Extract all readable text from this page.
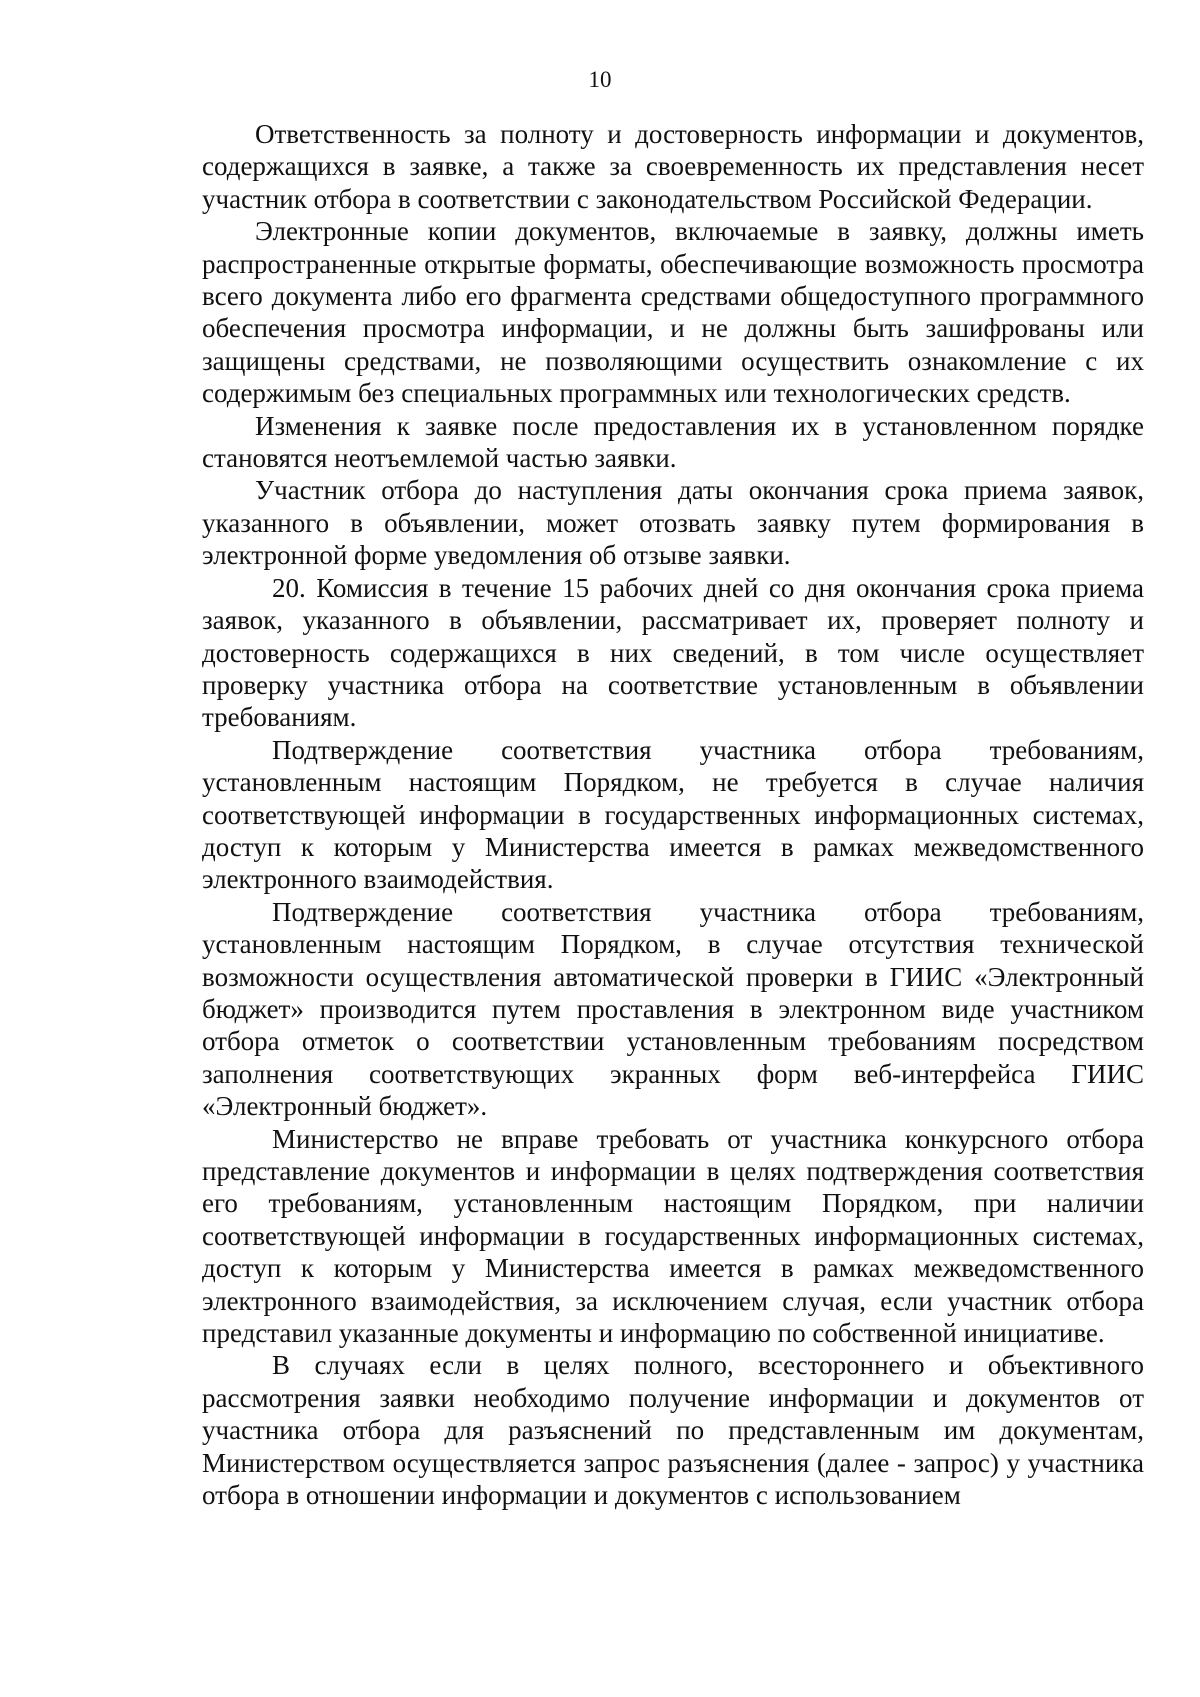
10

Ответственность за полноту и достоверность информации и документов, содержащихся в заявке, а также за своевременность их представления несет участник отбора в соответствии с законодательством Российской Федерации.

Электронные копии документов, включаемые в заявку, должны иметь распространенные открытые форматы, обеспечивающие возможность просмотра всего документа либо его фрагмента средствами общедоступного программного обеспечения просмотра информации, и не должны быть зашифрованы или защищены средствами, не позволяющими осуществить ознакомление с их содержимым без специальных программных или технологических средств.

Изменения к заявке после предоставления их в установленном порядке становятся неотъемлемой частью заявки.

Участник отбора до наступления даты окончания срока приема заявок, указанного в объявлении, может отозвать заявку путем формирования в электронной форме уведомления об отзыве заявки.

20. Комиссия в течение 15 рабочих дней со дня окончания срока приема заявок, указанного в объявлении, рассматривает их, проверяет полноту и достоверность содержащихся в них сведений, в том числе осуществляет проверку участника отбора на соответствие установленным в объявлении требованиям.

Подтверждение соответствия участника отбора требованиям, установленным настоящим Порядком, не требуется в случае наличия соответствующей информации в государственных информационных системах, доступ к которым у Министерства имеется в рамках межведомственного электронного взаимодействия.

Подтверждение соответствия участника отбора требованиям, установленным настоящим Порядком, в случае отсутствия технической возможности осуществления автоматической проверки в ГИИС «Электронный бюджет» производится путем проставления в электронном виде участником отбора отметок о соответствии установленным требованиям посредством заполнения соответствующих экранных форм веб-интерфейса ГИИС «Электронный бюджет».

Министерство не вправе требовать от участника конкурсного отбора представление документов и информации в целях подтверждения соответствия его требованиям, установленным настоящим Порядком, при наличии соответствующей информации в государственных информационных системах, доступ к которым у Министерства имеется в рамках межведомственного электронного взаимодействия, за исключением случая, если участник отбора представил указанные документы и информацию по собственной инициативе.

В случаях если в целях полного, всестороннего и объективного рассмотрения заявки необходимо получение информации и документов от участника отбора для разъяснений по представленным им документам, Министерством осуществляется запрос разъяснения (далее - запрос) у участника отбора в отношении информации и документов с использованием
